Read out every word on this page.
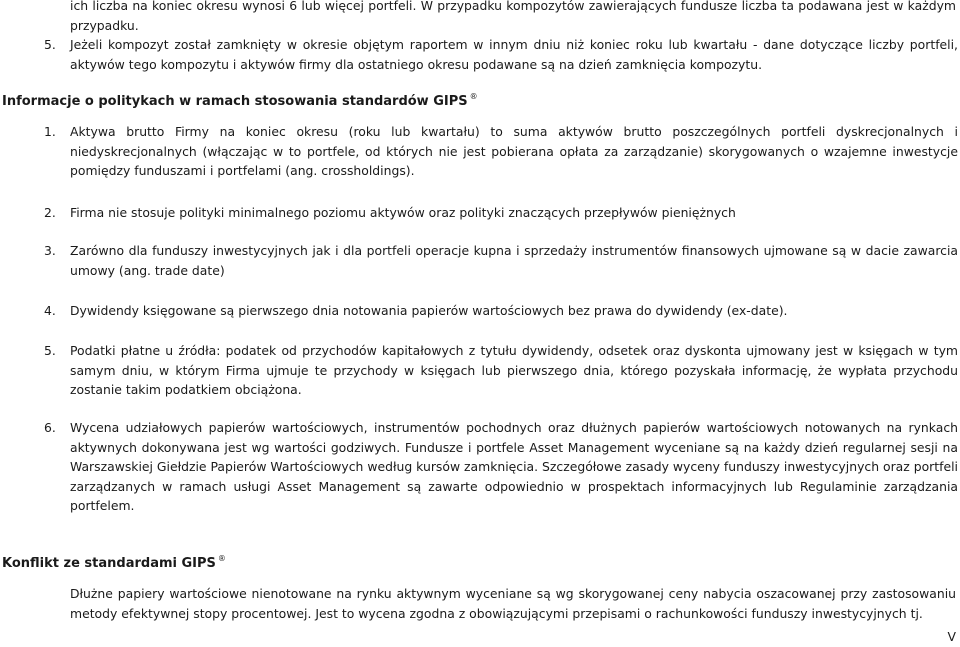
ich liczba na koniec okresu wynosi 6 lub więcej portfeli. W przypadku kompozytów zawierających fundusze liczba ta podawana jest w każdym przypadku.

5. Jeżeli kompozyt został zamknięty w okresie objętym raportem w innym dniu niż koniec roku lub kwartału - dane dotyczące liczby portfeli, aktywów tego kompozytu i aktywów firmy dla ostatniego okresu podawane są na dzień zamknięcia kompozytu.

Informacje o politykach w ramach stosowania standardów GIPS ®

1. Aktywa brutto Firmy na koniec okresu (roku lub kwartału) to suma aktywów brutto poszczególnych portfeli dyskrecjonalnych i niedyskrecjonalnych (włączając w to portfele, od których nie jest pobierana opłata za zarządzanie) skorygowanych o wzajemne inwestycje pomiędzy funduszami i portfelami (ang. crossholdings).
2. Firma nie stosuje polityki minimalnego poziomu aktywów oraz polityki znaczących przepływów pieniężnych
3. Zarówno dla funduszy inwestycyjnych jak i dla portfeli operacje kupna i sprzedaży instrumentów finansowych ujmowane są w dacie zawarcia umowy (ang. trade date)
4. Dywidendy księgowane są pierwszego dnia notowania papierów wartościowych bez prawa do dywidendy (ex-date).
5. Podatki płatne u źródła: podatek od przychodów kapitałowych z tytułu dywidendy, odsetek oraz dyskonta ujmowany jest w księgach w tym samym dniu, w którym Firma ujmuje te przychody w księgach lub pierwszego dnia, którego pozyskała informację, że wypłata przychodu zostanie takim podatkiem obciążona.
6. Wycena udziałowych papierów wartościowych, instrumentów pochodnych oraz dłużnych papierów wartościowych notowanych na rynkach aktywnych dokonywana jest wg wartości godziwych. Fundusze i portfele Asset Management wyceniane są na każdy dzień regularnej sesji na Warszawskiej Giełdzie Papierów Wartościowych według kursów zamknięcia. Szczegółowe zasady wyceny funduszy inwestycyjnych oraz portfeli zarządzanych w ramach usługi Asset Management są zawarte odpowiednio w prospektach informacyjnych lub Regulaminie zarządzania portfelem.

Konflikt ze standardami GIPS ®

Dłużne papiery wartościowe nienotowane na rynku aktywnym wyceniane są wg skorygowanej ceny nabycia oszacowanej przy zastosowaniu metody efektywnej stopy procentowej. Jest to wycena zgodna z obowiązującymi przepisami o rachunkowości funduszy inwestycyjnych tj.

V
